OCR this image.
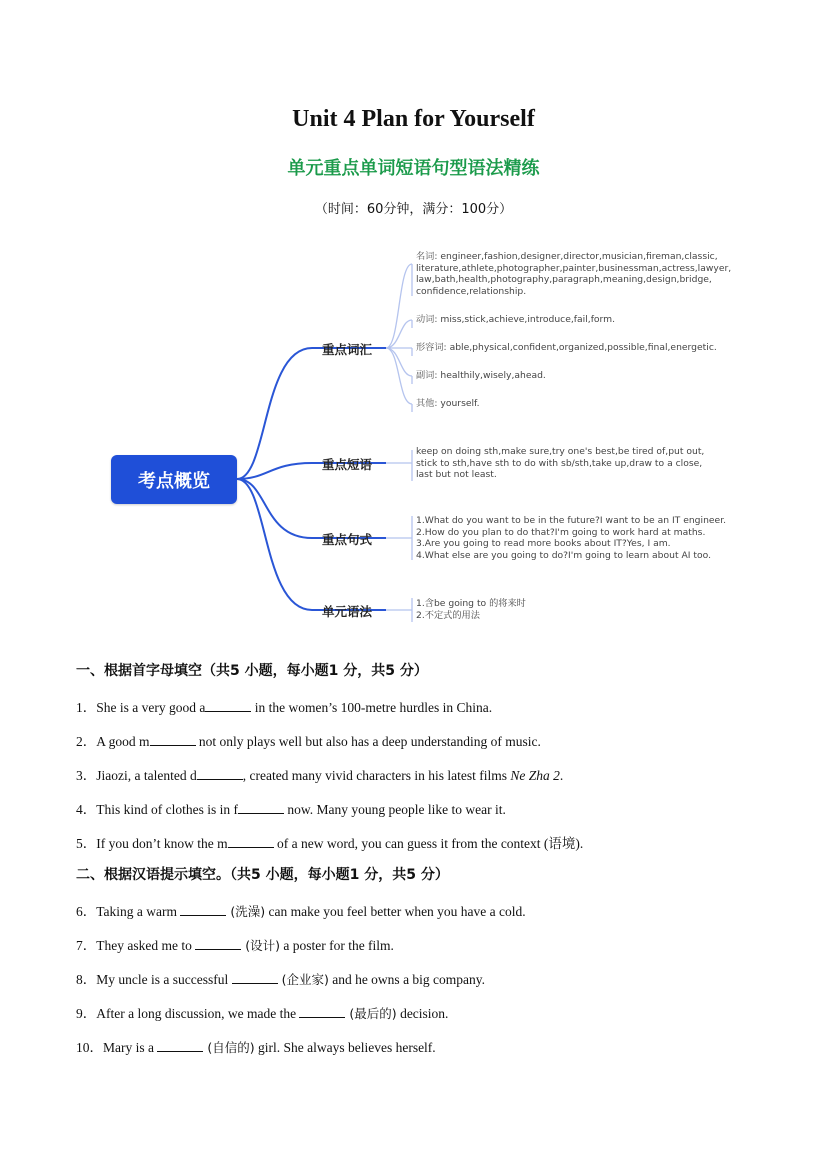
Unit 4 Plan for Yourself
单元重点单词短语句型语法精练
（时间：60分钟，满分：100分）
考点概览
重点词汇
重点短语
重点句式
单元语法
名词: engineer,fashion,designer,director,musician,fireman,classic,
literature,athlete,photographer,painter,businessman,actress,lawyer,
law,bath,health,photography,paragraph,meaning,design,bridge,
confidence,relationship.
动词: miss,stick,achieve,introduce,fail,form.
形容词: able,physical,confident,organized,possible,final,energetic.
副词: healthily,wisely,ahead.
其他: yourself.
keep on doing sth,make sure,try one's best,be tired of,put out,
stick to sth,have sth to do with sb/sth,take up,draw to a close,
last but not least.
1.What do you want to be in the future?I want to be an IT engineer.
2.How do you plan to do that?I'm going to work hard at maths.
3.Are you going to read more books about IT?Yes, I am.
4.What else are you going to do?I'm going to learn about AI too.
1.含be going to 的将来时
2.不定式的用法
一、根据首字母填空（共5 小题，每小题1 分，共5 分）
1．She is a very good a	in the women’s 100-metre hurdles in China.
2．A good m	not only plays well but also has a deep understanding of music.
3．Jiaozi, a talented d	, created many vivid characters in his latest films Ne Zha 2.
4．This kind of clothes is in f	now. Many young people like to wear it.
5．If you don’t know the m	of a new word, you can guess it from the context (语境).
二、根据汉语提示填空。（共5 小题，每小题1 分，共5 分）
6．Taking a warm	(洗澡) can make you feel better when you have a cold.
7．They asked me to	(设计) a poster for the film.
8．My uncle is a successful	(企业家) and he owns a big company.
9．After a long discussion, we made the	(最后的) decision.
10．Mary is a	(自信的) girl. She always believes herself.
